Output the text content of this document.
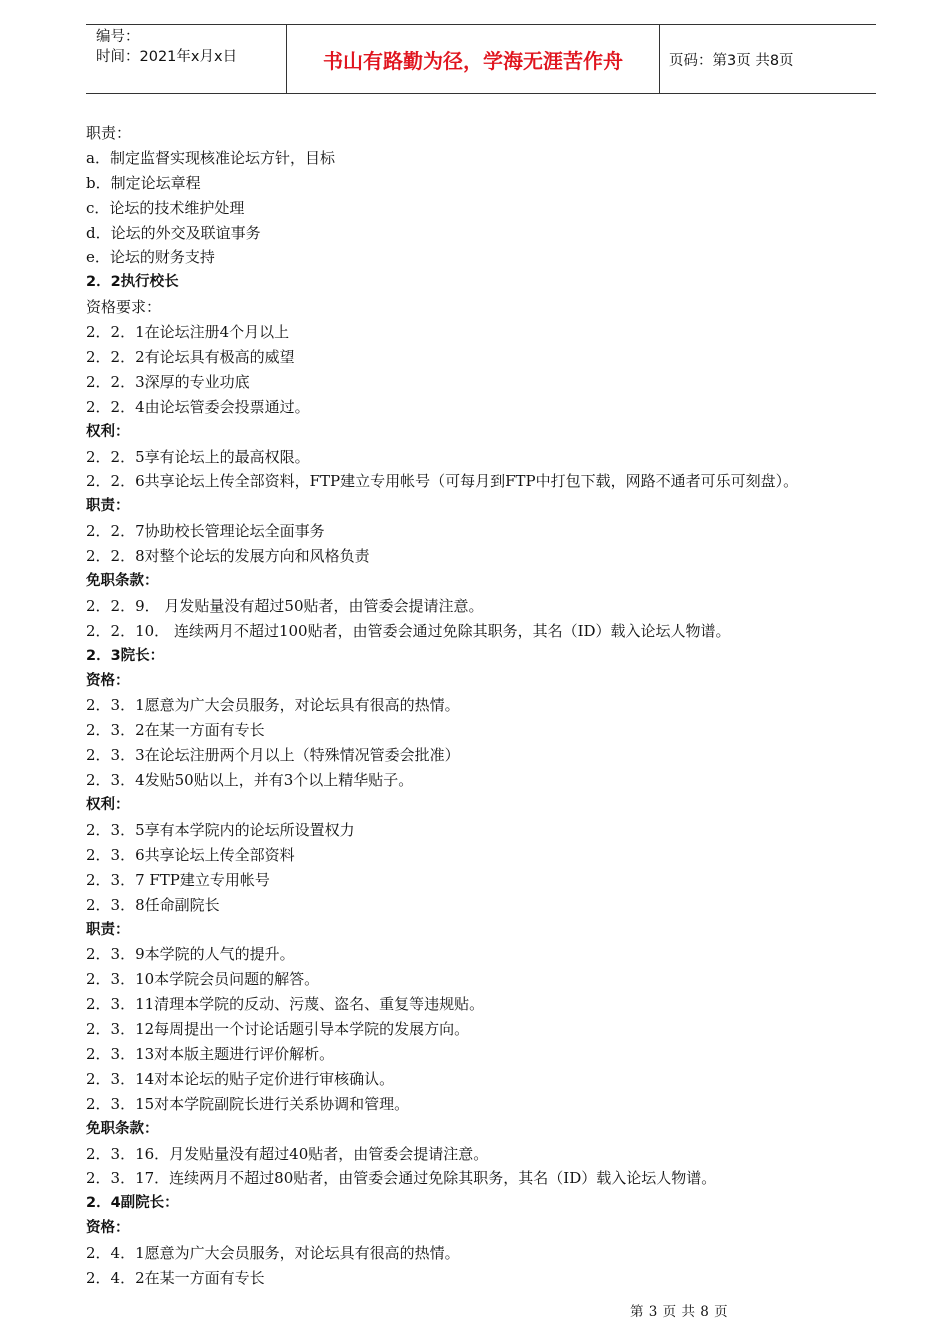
编号：
时间：2021年x月x日	书山有路勤为径，学海无涯苦作舟	页码：第3页 共8页
职责：
a．制定监督实现核准论坛方针，目标
b．制定论坛章程
c．论坛的技术维护处理
d．论坛的外交及联谊事务
e．论坛的财务支持
2．2执行校长
资格要求：
2．2．1在论坛注册4个月以上
2．2．2有论坛具有极高的威望
2．2．3深厚的专业功底
2．2．4由论坛管委会投票通过。
权利：
2．2．5享有论坛上的最高权限。
2．2．6共享论坛上传全部资料，FTP建立专用帐号（可每月到FTP中打包下载，网路不通者可乐可刻盘）。
职责：
2．2．7协助校长管理论坛全面事务
2．2．8对整个论坛的发展方向和风格负责
免职条款：
2．2．9． 月发贴量没有超过50贴者，由管委会提请注意。
2．2．10． 连续两月不超过100贴者，由管委会通过免除其职务，其名（ID）载入论坛人物谱。
2．3院长：
资格：
2．3．1愿意为广大会员服务，对论坛具有很高的热情。
2．3．2在某一方面有专长
2．3．3在论坛注册两个月以上（特殊情况管委会批准）
2．3．4发贴50贴以上，并有3个以上精华贴子。
权利：
2．3．5享有本学院内的论坛所设置权力
2．3．6共享论坛上传全部资料
2．3．7 FTP建立专用帐号
2．3．8任命副院长
职责：
2．3．9本学院的人气的提升。
2．3．10本学院会员问题的解答。
2．3．11清理本学院的反动、污蔑、盗名、重复等违规贴。
2．3．12每周提出一个讨论话题引导本学院的发展方向。
2．3．13对本版主题进行评价解析。
2．3．14对本论坛的贴子定价进行审核确认。
2．3．15对本学院副院长进行关系协调和管理。
免职条款：
2．3．16．月发贴量没有超过40贴者，由管委会提请注意。
2．3．17．连续两月不超过80贴者，由管委会通过免除其职务，其名（ID）载入论坛人物谱。
2．4副院长：
资格：
2．4．1愿意为广大会员服务，对论坛具有很高的热情。
2．4．2在某一方面有专长
第 3 页 共 8 页
